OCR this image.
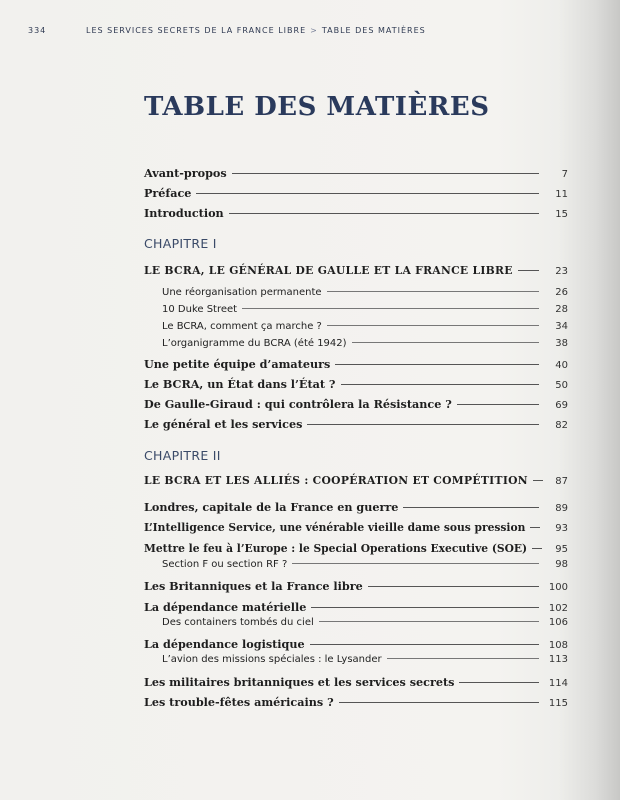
334	LES SERVICES SECRETS DE LA FRANCE LIBRE > TABLE DES MATIÈRES
TABLE DES MATIÈRES
Avant-propos	7
Préface	11
Introduction	15
CHAPITRE I
LE BCRA, LE GÉNÉRAL DE GAULLE ET LA FRANCE LIBRE	23
Une réorganisation permanente	26
10 Duke Street	28
Le BCRA, comment ça marche ?	34
L’organigramme du BCRA (été 1942)	38
Une petite équipe d’amateurs	40
Le BCRA, un État dans l’État ?	50
De Gaulle-Giraud : qui contrôlera la Résistance ?	69
Le général et les services	82
CHAPITRE II
LE BCRA ET LES ALLIÉS : COOPÉRATION ET COMPÉTITION	87
Londres, capitale de la France en guerre	89
L’Intelligence Service, une vénérable vieille dame sous pression	93
Mettre le feu à l’Europe : le Special Operations Executive (SOE)	95
Section F ou section RF ?	98
Les Britanniques et la France libre	100
La dépendance matérielle	102
Des containers tombés du ciel	106
La dépendance logistique	108
L’avion des missions spéciales : le Lysander	113
Les militaires britanniques et les services secrets	114
Les trouble-fêtes américains ?	115
